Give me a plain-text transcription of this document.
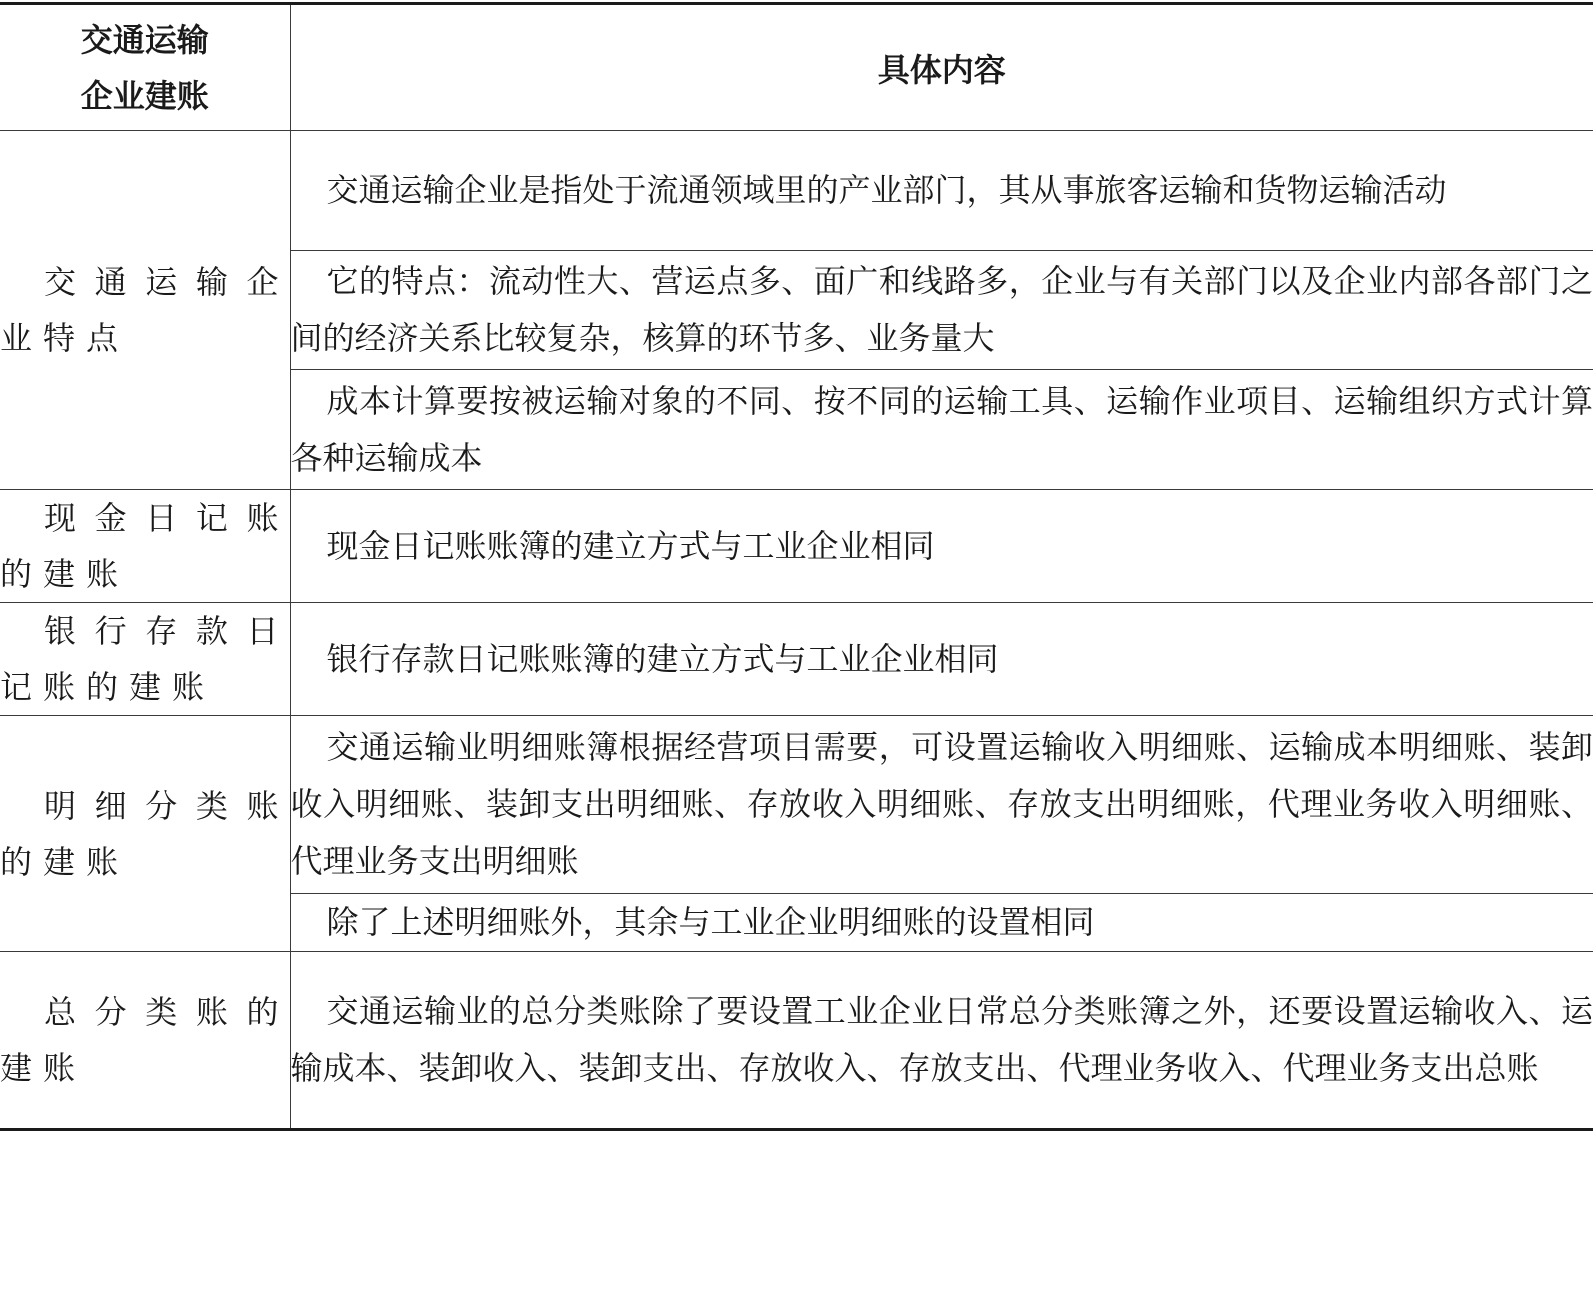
交通运输
企业建账	具体内容
交通运输企业特点	交通运输企业是指处于流通领域里的产业部门，其从事旅客运输和货物运输活动
	它的特点：流动性大、营运点多、面广和线路多，企业与有关部门以及企业内部各部门之间的经济关系比较复杂，核算的环节多、业务量大
	成本计算要按被运输对象的不同、按不同的运输工具、运输作业项目、运输组织方式计算各种运输成本
现金日记账的建账	现金日记账账簿的建立方式与工业企业相同
银行存款日记账的建账	银行存款日记账账簿的建立方式与工业企业相同
明细分类账的建账	交通运输业明细账簿根据经营项目需要，可设置运输收入明细账、运输成本明细账、装卸收入明细账、装卸支出明细账、存放收入明细账、存放支出明细账，代理业务收入明细账、代理业务支出明细账
	除了上述明细账外，其余与工业企业明细账的设置相同
总分类账的建账	交通运输业的总分类账除了要设置工业企业日常总分类账簿之外，还要设置运输收入、运输成本、装卸收入、装卸支出、存放收入、存放支出、代理业务收入、代理业务支出总账
